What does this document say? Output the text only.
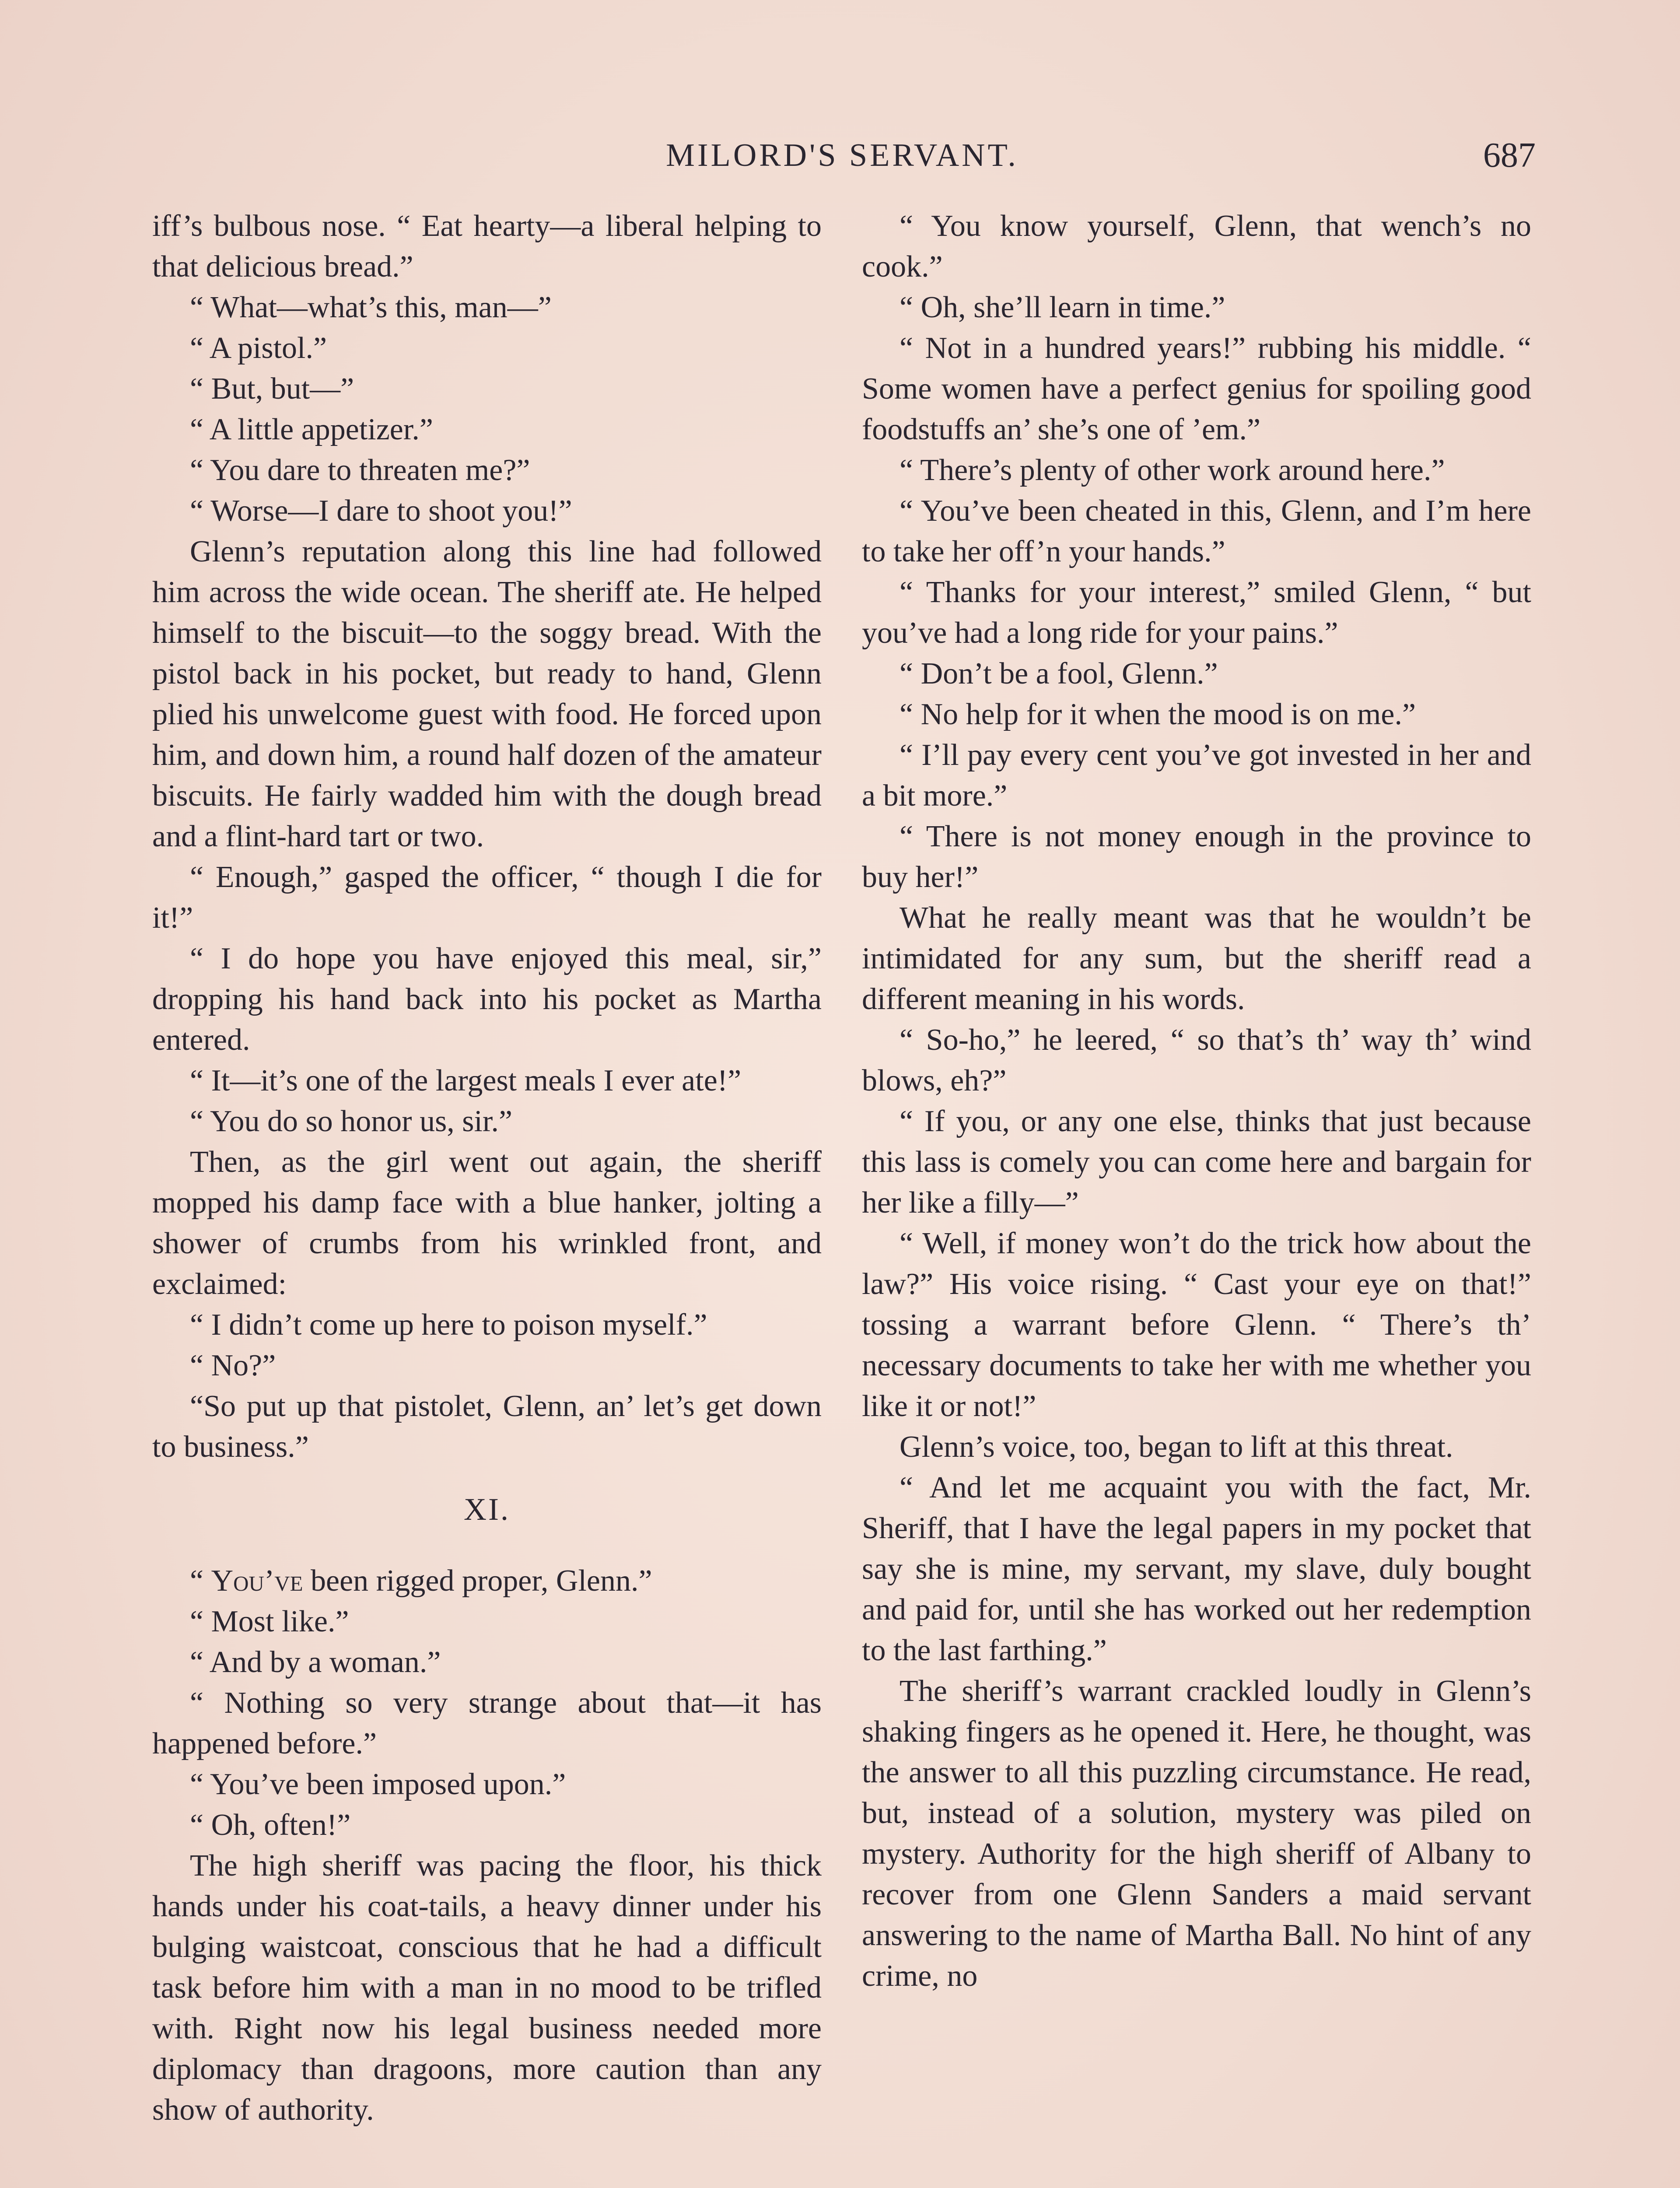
MILORD'S SERVANT.	687

iff’s bulbous nose. “ Eat hearty—a liberal helping to that delicious bread.”

“ What—what’s this, man—”

“ A pistol.”

“ But, but—”

“ A little appetizer.”

“ You dare to threaten me?”

“ Worse—I dare to shoot you!”

Glenn’s reputation along this line had followed him across the wide ocean. The sheriff ate. He helped himself to the biscuit—to the soggy bread. With the pistol back in his pocket, but ready to hand, Glenn plied his unwelcome guest with food. He forced upon him, and down him, a round half dozen of the amateur biscuits. He fairly wadded him with the dough bread and a flint-hard tart or two.

“ Enough,” gasped the officer, “ though I die for it!”

“ I do hope you have enjoyed this meal, sir,” dropping his hand back into his pocket as Martha entered.

“ It—it’s one of the largest meals I ever ate!”

“ You do so honor us, sir.”

Then, as the girl went out again, the sheriff mopped his damp face with a blue hanker, jolting a shower of crumbs from his wrinkled front, and exclaimed:

“ I didn’t come up here to poison myself.”

“ No?”

“So put up that pistolet, Glenn, an’ let’s get down to business.”

XI.

“ You’ve been rigged proper, Glenn.”

“ Most like.”

“ And by a woman.”

“ Nothing so very strange about that—it has happened before.”

“ You’ve been imposed upon.”

“ Oh, often!”

The high sheriff was pacing the floor, his thick hands under his coat-tails, a heavy dinner under his bulging waistcoat, conscious that he had a difficult task before him with a man in no mood to be trifled with. Right now his legal business needed more diplomacy than dragoons, more caution than any show of authority.

“ You know yourself, Glenn, that wench’s no cook.”

“ Oh, she’ll learn in time.”

“ Not in a hundred years!” rubbing his middle. “ Some women have a perfect genius for spoiling good foodstuffs an’ she’s one of ’em.”

“ There’s plenty of other work around here.”

“ You’ve been cheated in this, Glenn, and I’m here to take her off’n your hands.”

“ Thanks for your interest,” smiled Glenn, “ but you’ve had a long ride for your pains.”

“ Don’t be a fool, Glenn.”

“ No help for it when the mood is on me.”

“ I’ll pay every cent you’ve got invested in her and a bit more.”

“ There is not money enough in the province to buy her!”

What he really meant was that he wouldn’t be intimidated for any sum, but the sheriff read a different meaning in his words.

“ So-ho,” he leered, “ so that’s th’ way th’ wind blows, eh?”

“ If you, or any one else, thinks that just because this lass is comely you can come here and bargain for her like a filly—”

“ Well, if money won’t do the trick how about the law?” His voice rising. “ Cast your eye on that!” tossing a warrant before Glenn. “ There’s th’ necessary documents to take her with me whether you like it or not!”

Glenn’s voice, too, began to lift at this threat.

“ And let me acquaint you with the fact, Mr. Sheriff, that I have the legal papers in my pocket that say she is mine, my servant, my slave, duly bought and paid for, until she has worked out her redemption to the last farthing.”

The sheriff’s warrant crackled loudly in Glenn’s shaking fingers as he opened it. Here, he thought, was the answer to all this puzzling circumstance. He read, but, instead of a solution, mystery was piled on mystery. Authority for the high sheriff of Albany to recover from one Glenn Sanders a maid servant answering to the name of Martha Ball. No hint of any crime, no
